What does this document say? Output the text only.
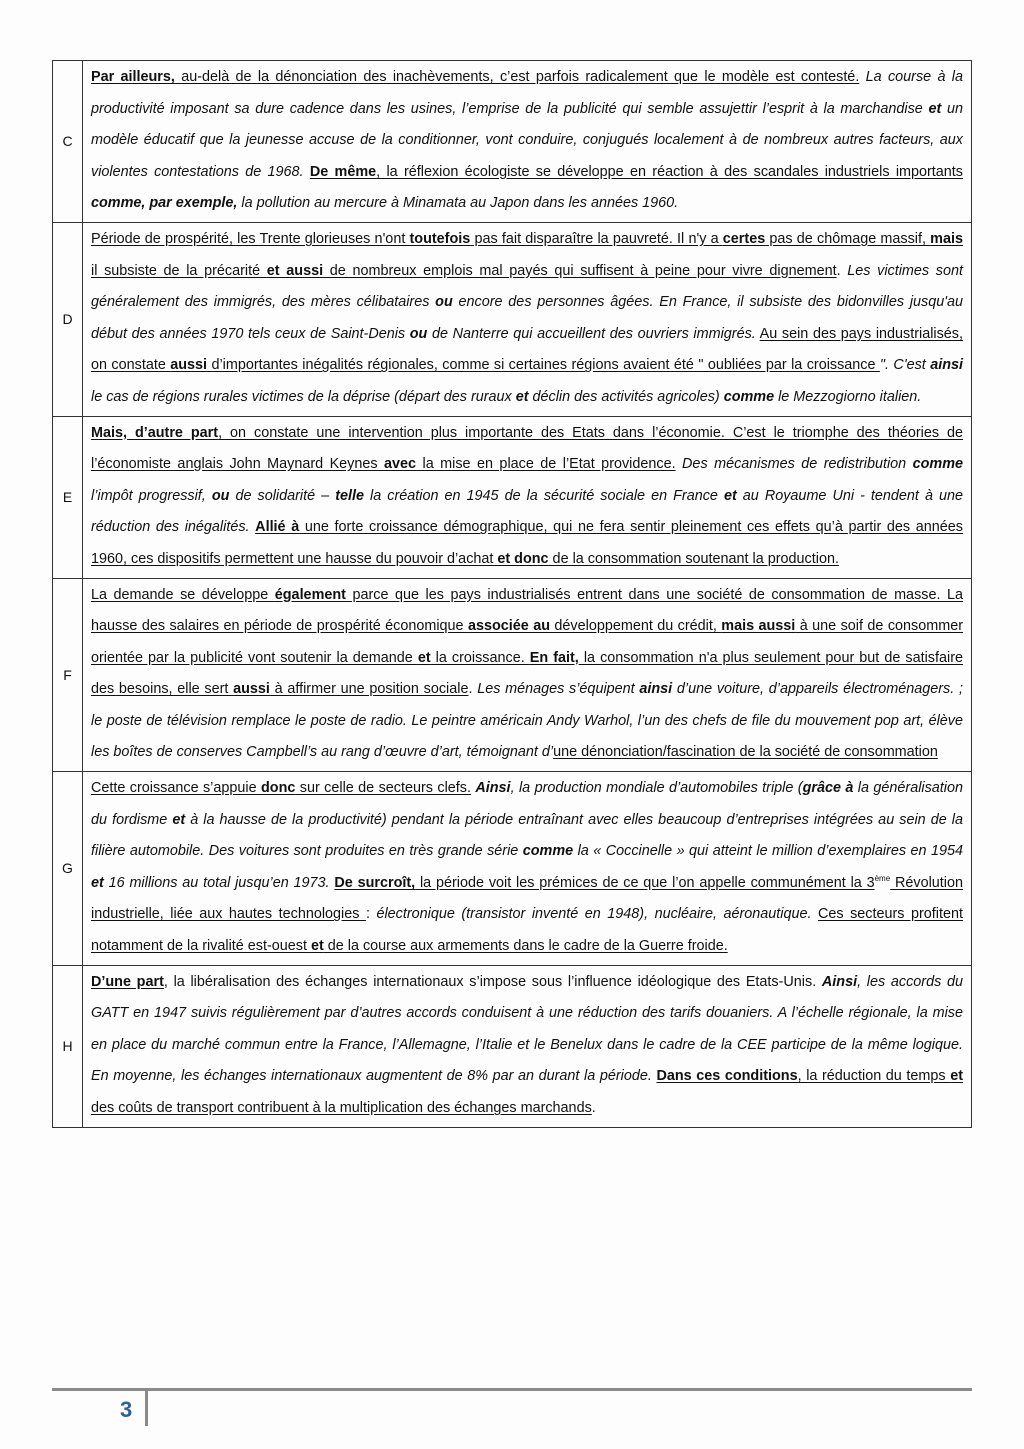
C	Par ailleurs, au-delà de la dénonciation des inachèvements, c’est parfois radicalement que le modèle est contesté. La course à la productivité imposant sa dure cadence dans les usines, l’emprise de la publicité qui semble assujettir l’esprit à la marchandise et un modèle éducatif que la jeunesse accuse de la conditionner, vont conduire, conjugués localement à de nombreux autres facteurs, aux violentes contestations de 1968. De même, la réflexion écologiste se développe en réaction à des scandales industriels importants comme, par exemple, la pollution au mercure à Minamata au Japon dans les années 1960.
D	Période de prospérité, les Trente glorieuses n'ont toutefois pas fait disparaître la pauvreté. Il n'y a certes pas de chômage massif, mais il subsiste de la précarité et aussi de nombreux emplois mal payés qui suffisent à peine pour vivre dignement. Les victimes sont généralement des immigrés, des mères célibataires ou encore des personnes âgées. En France, il subsiste des bidonvilles jusqu'au début des années 1970 tels ceux de Saint-Denis ou de Nanterre qui accueillent des ouvriers immigrés. Au sein des pays industrialisés, on constate aussi d’importantes inégalités régionales, comme si certaines régions avaient été " oubliées par la croissance ". C'est ainsi le cas de régions rurales victimes de la déprise (départ des ruraux et déclin des activités agricoles) comme le Mezzogiorno italien.
E	Mais, d’autre part, on constate une intervention plus importante des Etats dans l’économie. C’est le triomphe des théories de l’économiste anglais John Maynard Keynes avec la mise en place de l’Etat providence. Des mécanismes de redistribution comme l’impôt progressif, ou de solidarité – telle la création en 1945 de la sécurité sociale en France et au Royaume Uni - tendent à une réduction des inégalités. Allié à une forte croissance démographique, qui ne fera sentir pleinement ces effets qu’à partir des années 1960, ces dispositifs permettent une hausse du pouvoir d’achat et donc de la consommation soutenant la production.
F	La demande se développe également parce que les pays industrialisés entrent dans une société de consommation de masse. La hausse des salaires en période de prospérité économique associée au développement du crédit, mais aussi à une soif de consommer orientée par la publicité vont soutenir la demande et la croissance. En fait, la consommation n'a plus seulement pour but de satisfaire des besoins, elle sert aussi à affirmer une position sociale. Les ménages s’équipent ainsi d’une voiture, d’appareils électroménagers. ; le poste de télévision remplace le poste de radio. Le peintre américain Andy Warhol, l’un des chefs de file du mouvement pop art, élève les boîtes de conserves Campbell’s au rang d’œuvre d’art, témoignant d’une dénonciation/fascination de la société de consommation
G	Cette croissance s’appuie donc sur celle de secteurs clefs. Ainsi, la production mondiale d’automobiles triple (grâce à la généralisation du fordisme et à la hausse de la productivité) pendant la période entraînant avec elles beaucoup d’entreprises intégrées au sein de la filière automobile. Des voitures sont produites en très grande série comme la « Coccinelle » qui atteint le million d’exemplaires en 1954 et 16 millions au total jusqu’en 1973. De surcroît, la période voit les prémices de ce que l’on appelle communément la 3ème Révolution industrielle, liée aux hautes technologies : électronique (transistor inventé en 1948), nucléaire, aéronautique. Ces secteurs profitent notamment de la rivalité est-ouest et de la course aux armements dans le cadre de la Guerre froide.
H	D’une part, la libéralisation des échanges internationaux s’impose sous l’influence idéologique des Etats-Unis. Ainsi, les accords du GATT en 1947 suivis régulièrement par d’autres accords conduisent à une réduction des tarifs douaniers. A l’échelle régionale, la mise en place du marché commun entre la France, l’Allemagne, l’Italie et le Benelux dans le cadre de la CEE participe de la même logique. En moyenne, les échanges internationaux augmentent de 8% par an durant la période. Dans ces conditions, la réduction du temps et des coûts de transport contribuent à la multiplication des échanges marchands.
3
